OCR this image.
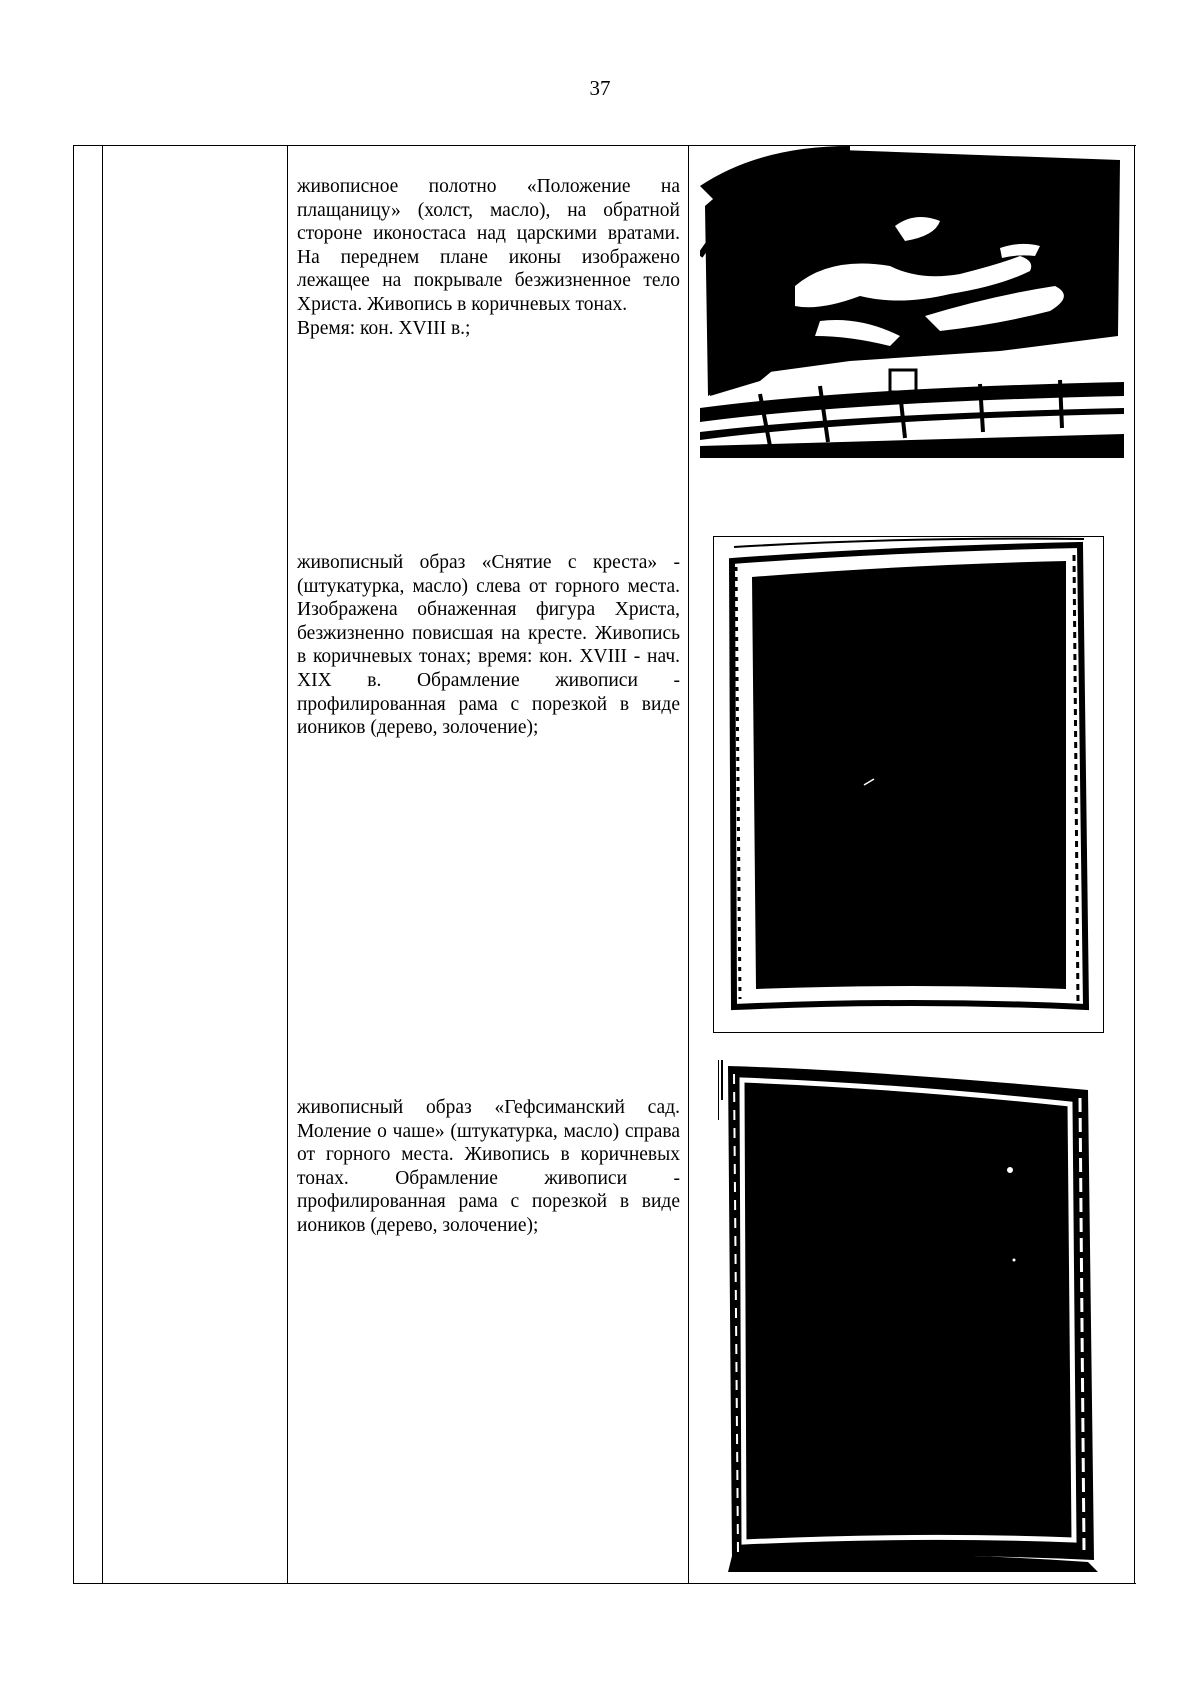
37

живописное полотно «Положение на плащаницу» (холст, масло), на обратной стороне иконостаса над царскими вратами. На переднем плане иконы изображено лежащее на покрывале безжизненное тело Христа. Живопись в коричневых тонах.

Время: кон. XVIII в.;

живописный образ «Снятие с креста» - (штукатурка, масло) слева от горного места. Изображена обнаженная фигура Христа, безжизненно повисшая на кресте. Живопись в коричневых тонах; время: кон. XVIII - нач. XIX в. Обрамление живописи - профилированная рама с порезкой в виде иоников (дерево, золочение);

живописный образ «Гефсиманский сад. Моление о чаше» (штукатурка, масло) справа от горного места. Живопись в коричневых тонах. Обрамление живописи - профилированная рама с порезкой в виде иоников (дерево, золочение);
